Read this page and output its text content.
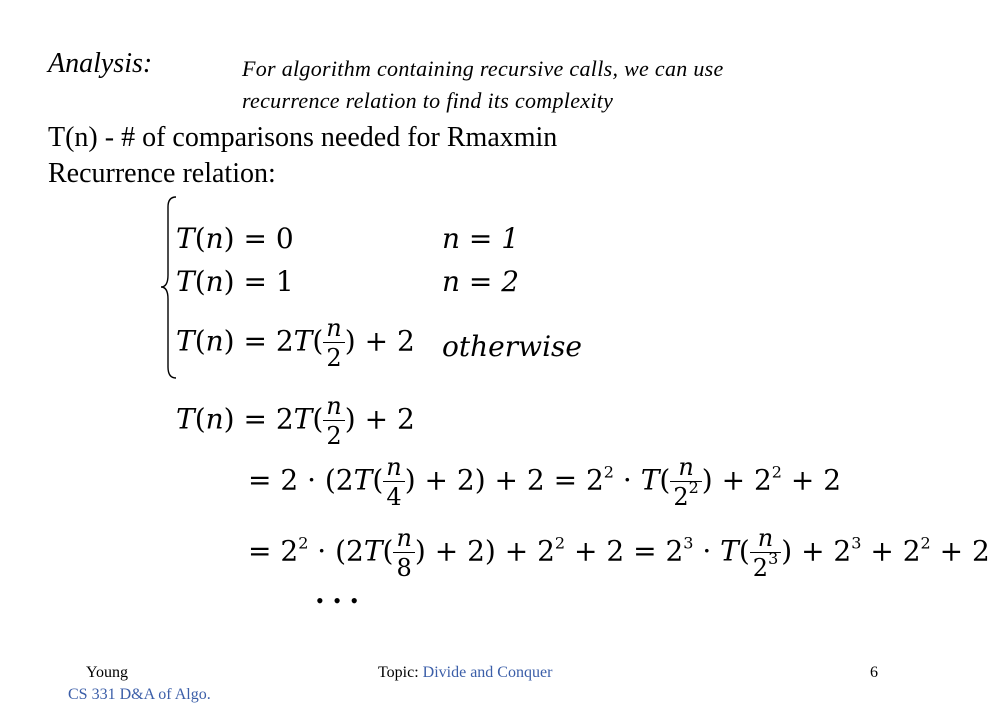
Analysis:	For algorithm containing recursive calls, we can use
recurrence relation to find its complexity
T(n) - # of comparisons needed for Rmaxmin
Recurrence relation:
T(n) = 0	n = 1
T(n) = 1	n = 2
$T(n) = 2T( \frac{n}{2}$ ) + 2 otherwise
$T(n) = 2T( \frac{n}{2}$ ) + 2
= $2 \cdot (2T( \frac{n}{4}$ ) + $2) + 2 = 2^2 \cdot T( \frac{n}{2^2}$ ) + $2^2 + 2$
= $2^2 \cdot (2T( \frac{n}{8}$ ) + $2) + 2^2 + 2 = 2^3 \cdot T( \frac{n}{2^3}$ ) + $2^3 + 2^2 + 2$
• • •
Young	Topic: Divide and Conquer	6
CS 331 D&A of Algo.
